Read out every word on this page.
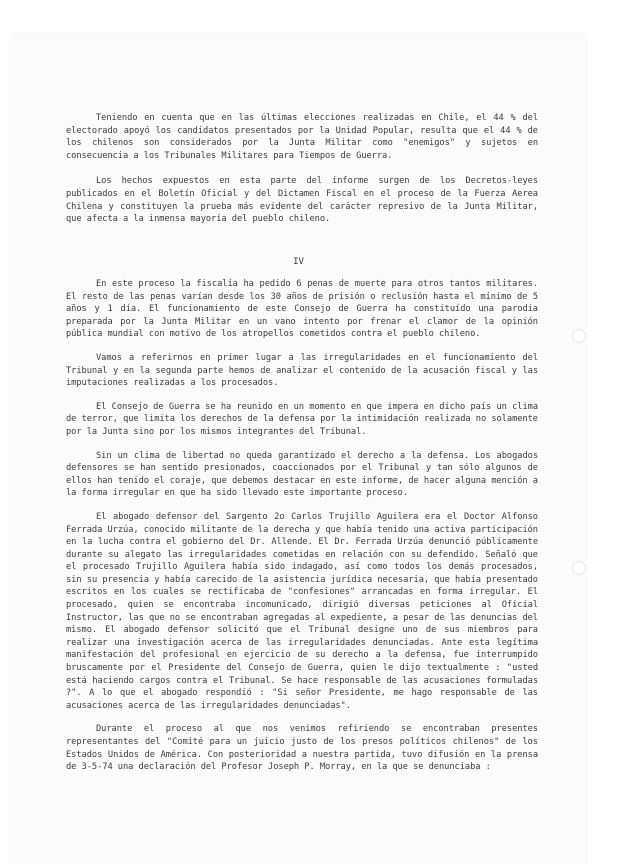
Teniendo en cuenta que en las últimas elecciones realizadas en Chile, el 44 % del electorado apoyó los candidatos presentados por la Unidad Popular, resulta que el 44 % de los chilenos son considerados por la Junta Militar como "enemigos" y sujetos en consecuencia a los Tribunales Militares para Tiempos de Guerra.

Los hechos expuestos en esta parte del informe surgen de los Decretos-leyes publicados en el Boletín Oficial y del Dictamen Fiscal en el proceso de la Fuerza Aerea Chilena y constituyen la prueba más evidente del carácter represivo de la Junta Militar, que afecta a la inmensa mayoría del pueblo chileno.

IV

En este proceso la fiscalía ha pedido 6 penas de muerte para otros tantos militares. El resto de las penas varían desde los 30 años de prisión o reclusión hasta el mínimo de 5 años y 1 día. El funcionamiento de este Consejo de Guerra ha constituído una parodia preparada por la Junta Militar en un vano intento por frenar el clamor de la opinión pública mundial con motivo de los atropellos cometidos contra el pueblo chileno.

Vamos a referirnos en primer lugar a las irregularidades en el funcionamiento del Tribunal y en la segunda parte hemos de analizar el contenido de la acusación fiscal y las imputaciones realizadas a los procesados.

El Consejo de Guerra se ha reunido en un momento en que impera en dicho país un clima de terror, que limita los derechos de la defensa por la intimidación realizada no solamente por la Junta sino por los mismos integrantes del Tribunal.

Sin un clima de libertad no queda garantizado el derecho a la defensa. Los abogados defensores se han sentido presionados, coaccionados por el Tribunal y tan sólo algunos de ellos han tenido el coraje, que debemos destacar en este informe, de hacer alguna mención a la forma irregular en que ha sido llevado este importante proceso.

El abogado defensor del Sargento 2o Carlos Trujillo Aguilera era el Doctor Alfonso Ferrada Urzúa, conocido militante de la derecha y que había tenido una activa participación en la lucha contra el gobierno del Dr. Allende. El Dr. Ferrada Urzúa denunció públicamente durante su alegato las irregularidades cometidas en relación con su defendido. Señaló que el procesado Trujillo Aguilera había sido indagado, así como todos los demás procesados, sin su presencia y había carecido de la asistencia jurídica necesaria, que había presentado escritos en los cuales se rectificaba de "confesiones" arrancadas en forma irregular. El procesado, quien se encontraba incomunicado, dirigió diversas peticiones al Oficial Instructor, las que no se encontraban agregadas al expediente, a pesar de las denuncias del mismo. El abogado defensor solicitó que el Tribunal designe uno de sus miembros para realizar una investigación acerca de las irregularidades denunciadas. Ante esta legítima manifestación del profesional en ejercicio de su derecho a la defensa, fue interrumpido bruscamente por el Presidente del Consejo de Guerra, quien le dijo textualmente : "usted está haciendo cargos contra el Tribunal. Se hace responsable de las acusaciones formuladas ?". A lo que el abogado respondió : "Si señor Presidente, me hago responsable de las acusaciones acerca de las irregularidades denunciadas".

Durante el proceso al que nos venimos refiriendo se encontraban presentes representantes del "Comité para un juicio justo de los presos políticos chilenos" de los Estados Unidos de América. Con posterioridad a nuestra partida, tuvo difusión en la prensa de 3-5-74 una declaración del Profesor Joseph P. Morray, en la que se denunciaba :
